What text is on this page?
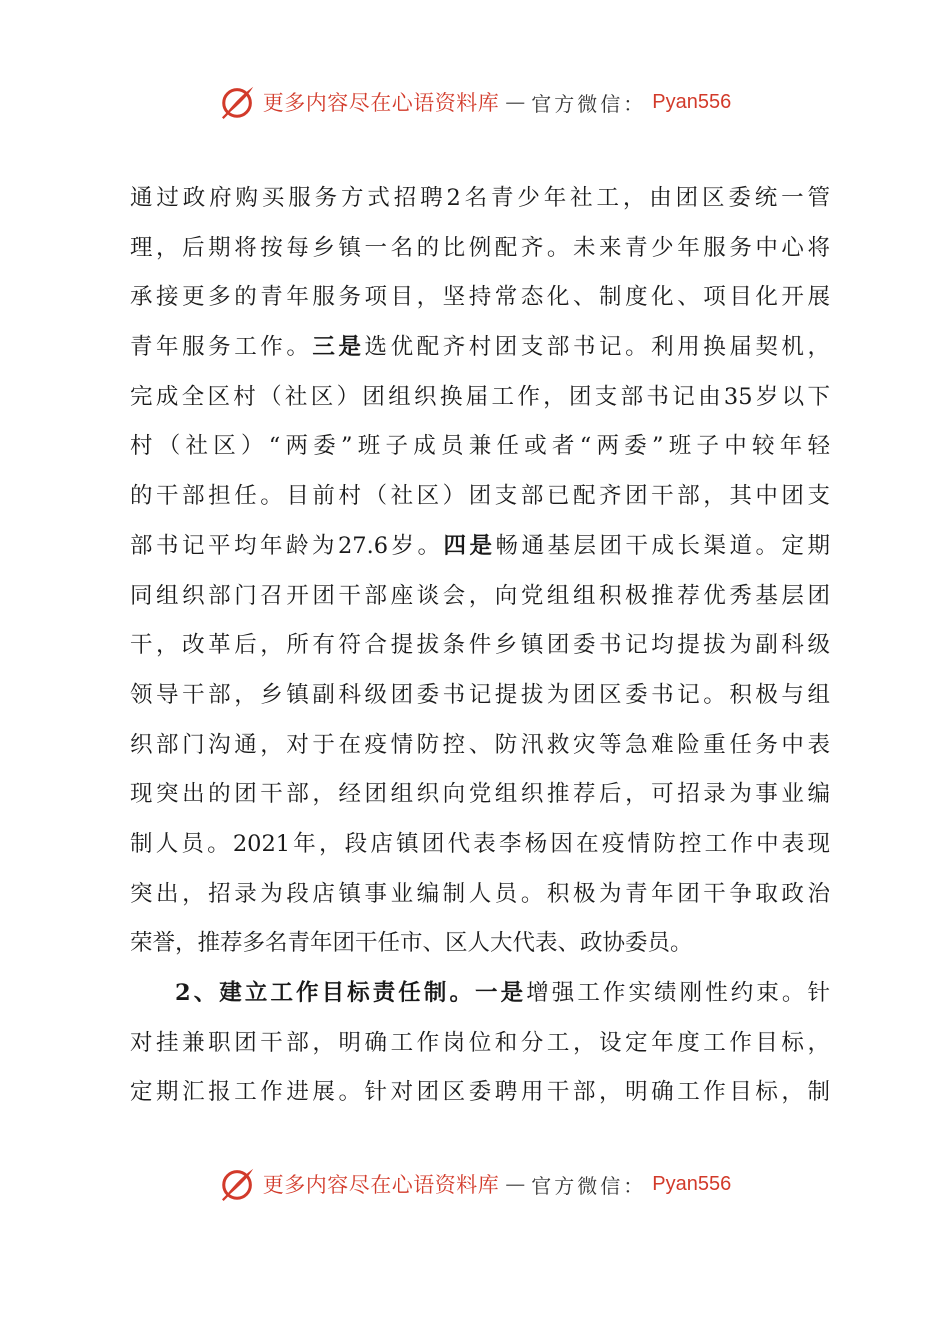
更多内容尽在心语资料库 — 官方微信： Pyan556
通过政府购买服务方式招聘2名青少年社工，由团区委统一管
理，后期将按每乡镇一名的比例配齐。未来青少年服务中心将
承接更多的青年服务项目，坚持常态化、制度化、项目化开展
青年服务工作。三是选优配齐村团支部书记。利用换届契机，
完成全区村（社区）团组织换届工作，团支部书记由35岁以下
村（社区）“两委”班子成员兼任或者“两委”班子中较年轻
的干部担任。目前村（社区）团支部已配齐团干部，其中团支
部书记平均年龄为27.6岁。四是畅通基层团干成长渠道。定期
同组织部门召开团干部座谈会，向党组组积极推荐优秀基层团
干，改革后，所有符合提拔条件乡镇团委书记均提拔为副科级
领导干部，乡镇副科级团委书记提拔为团区委书记。积极与组
织部门沟通，对于在疫情防控、防汛救灾等急难险重任务中表
现突出的团干部，经团组织向党组织推荐后，可招录为事业编
制人员。2021年，段店镇团代表李杨因在疫情防控工作中表现
突出，招录为段店镇事业编制人员。积极为青年团干争取政治
荣誉，推荐多名青年团干任市、区人大代表、政协委员。
2、建立工作目标责任制。一是增强工作实绩刚性约束。针
对挂兼职团干部，明确工作岗位和分工，设定年度工作目标，
定期汇报工作进展。针对团区委聘用干部，明确工作目标，制
更多内容尽在心语资料库 — 官方微信： Pyan556
